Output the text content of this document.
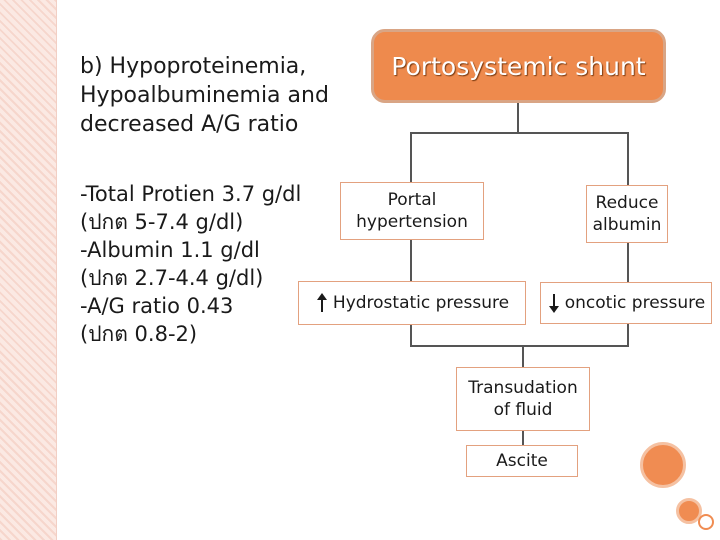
b) Hypoproteinemia,
Hypoalbuminemia and
decreased A/G ratio
-Total Protien 3.7 g/dl
(ปกต 5-7.4 g/dl)
-Albumin 1.1 g/dl
(ปกต 2.7-4.4 g/dl)
-A/G ratio 0.43
(ปกต 0.8-2)
Portosystemic shunt
Portal
hypertension
Reduce
albumin
Hydrostatic pressure	oncotic pressure
Transudation
of fluid
Ascite
